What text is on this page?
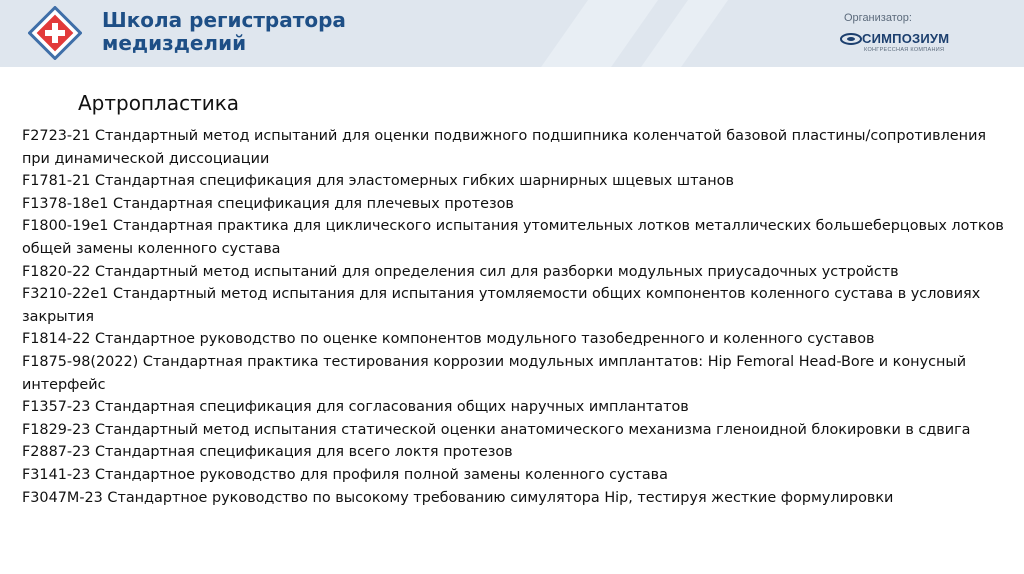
Школа регистратора медизделий
Организатор:
СИМПОЗИУМ
КОНГРЕССНАЯ КОМПАНИЯ
Артропластика
F2723-21 Стандартный метод испытаний для оценки подвижного подшипника коленчатой базовой пластины/сопротивления при динамической диссоциации
F1781-21 Стандартная спецификация для эластомерных гибких шарнирных шцевых штанов
F1378-18e1 Стандартная спецификация для плечевых протезов
F1800-19e1 Стандартная практика для циклического испытания утомительных лотков металлических большеберцовых лотков общей замены коленного сустава
F1820-22 Стандартный метод испытаний для определения сил для разборки модульных приусадочных устройств
F3210-22e1 Стандартный метод испытания для испытания утомляемости общих компонентов коленного сустава в условиях закрытия
F1814-22 Стандартное руководство по оценке компонентов модульного тазобедренного и коленного суставов
F1875-98(2022) Стандартная практика тестирования коррозии модульных имплантатов: Hip Femoral Head-Bore и конусный интерфейс
F1357-23 Стандартная спецификация для согласования общих наручных имплантатов
F1829-23 Стандартный метод испытания статической оценки анатомического механизма гленоидной блокировки в сдвига
F2887-23 Стандартная спецификация для всего локтя протезов
F3141-23 Стандартное руководство для профиля полной замены коленного сустава
F3047M-23 Стандартное руководство по высокому требованию симулятора Hip, тестируя жесткие формулировки
